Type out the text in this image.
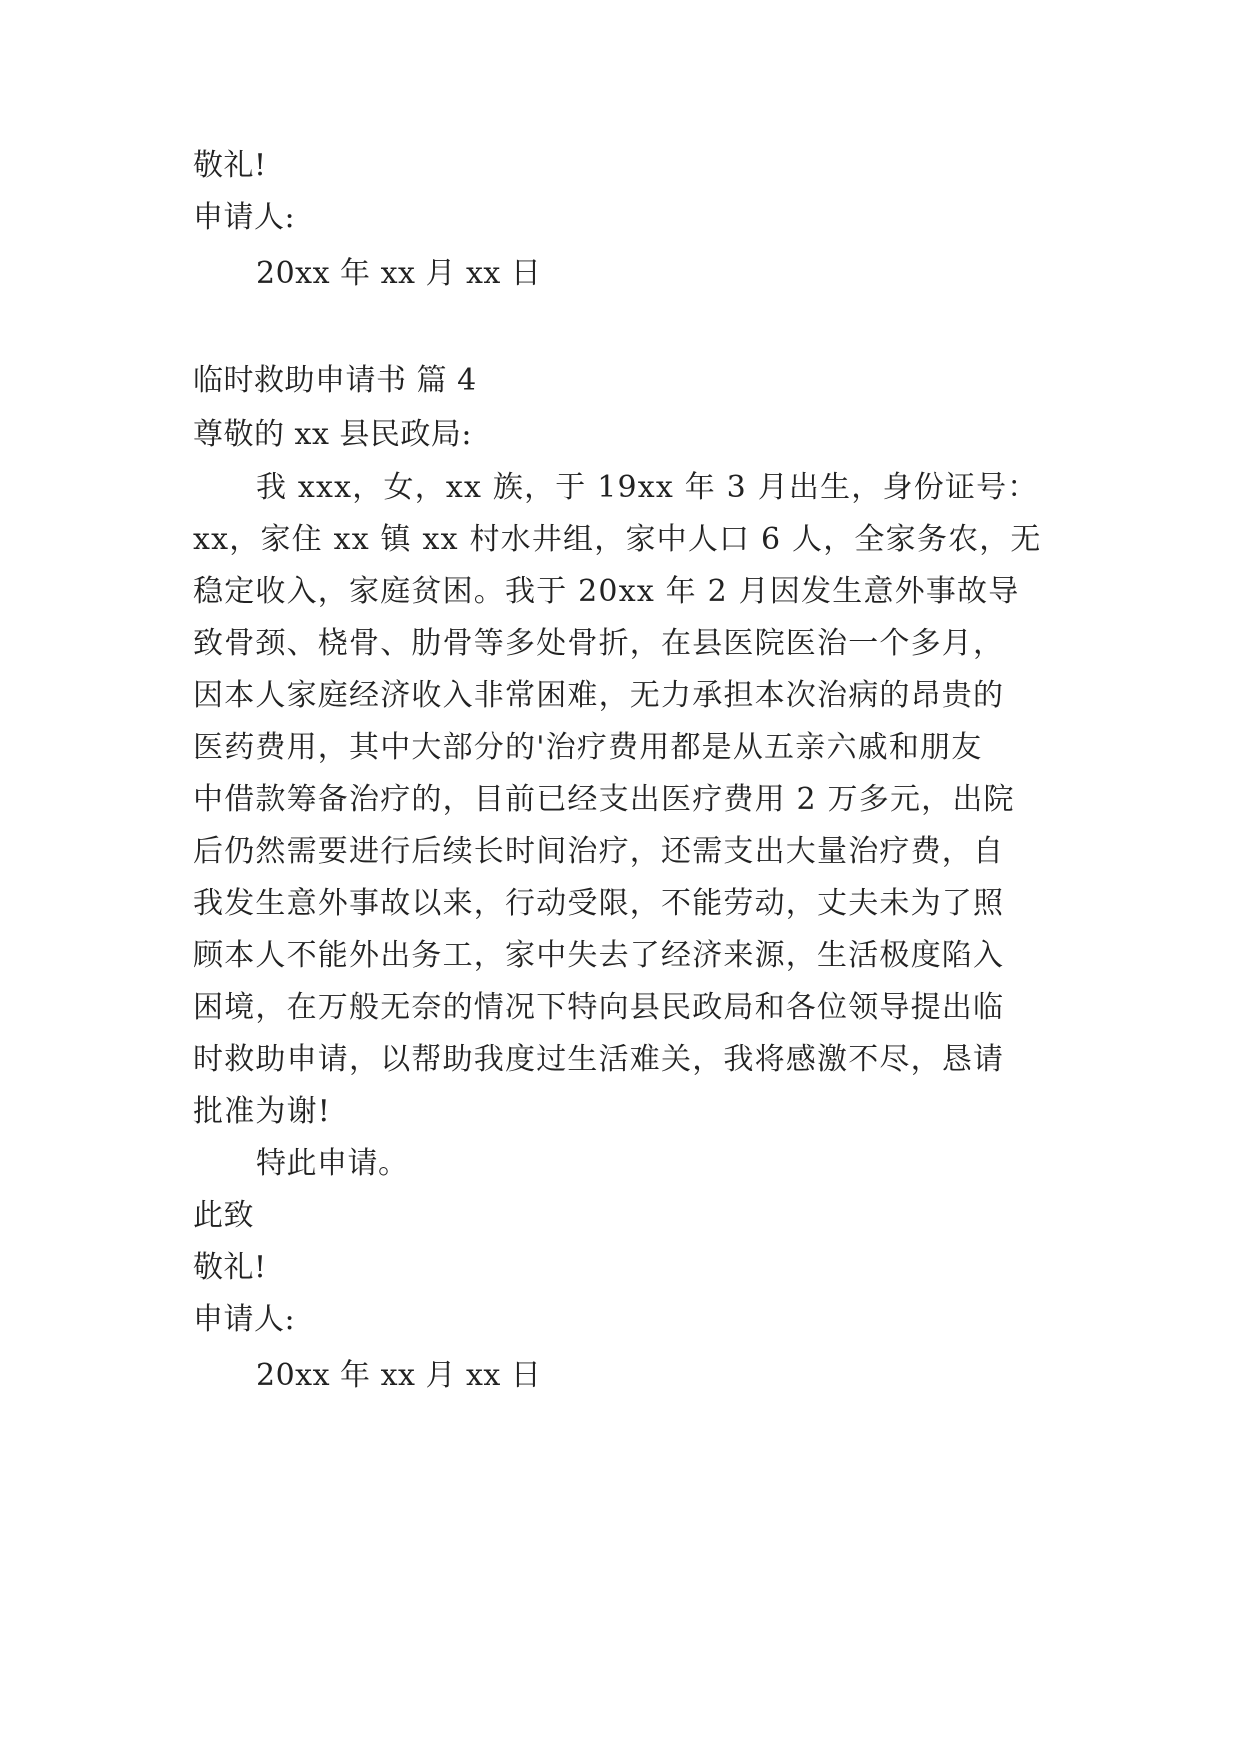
敬礼!
申请人:
20xx 年 xx 月 xx 日
临时救助申请书 篇 4
尊敬的 xx 县民政局:
我 xxx，女，xx 族，于 19xx 年 3 月出生，身份证号：
xx，家住 xx 镇 xx 村水井组，家中人口 6 人，全家务农，无
稳定收入，家庭贫困。我于 20xx 年 2 月因发生意外事故导
致骨颈、桡骨、肋骨等多处骨折，在县医院医治一个多月，
因本人家庭经济收入非常困难，无力承担本次治病的昂贵的
医药费用，其中大部分的'治疗费用都是从五亲六戚和朋友
中借款筹备治疗的，目前已经支出医疗费用 2 万多元，出院
后仍然需要进行后续长时间治疗，还需支出大量治疗费，自
我发生意外事故以来，行动受限，不能劳动，丈夫未为了照
顾本人不能外出务工，家中失去了经济来源，生活极度陷入
困境，在万般无奈的情况下特向县民政局和各位领导提出临
时救助申请，以帮助我度过生活难关，我将感激不尽，恳请
批准为谢!
特此申请。
此致
敬礼!
申请人:
20xx 年 xx 月 xx 日
